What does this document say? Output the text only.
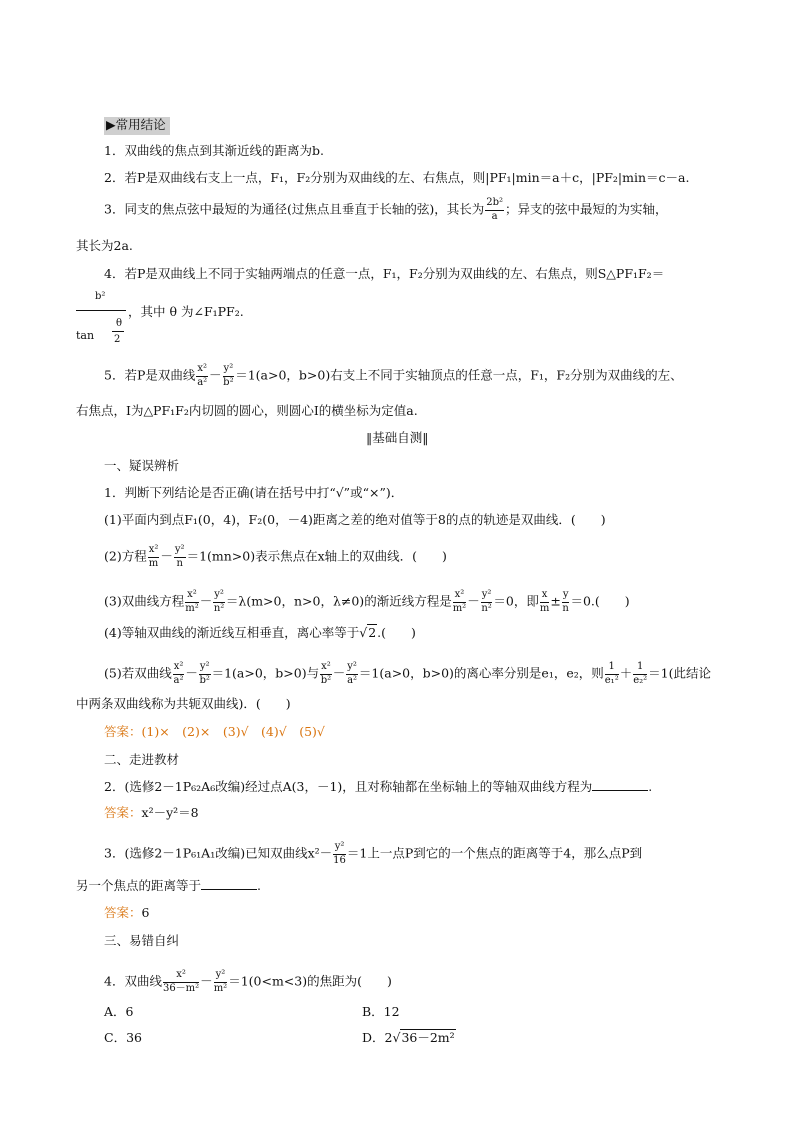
▶常用结论
1．双曲线的焦点到其渐近线的距离为b.
2．若P是双曲线右支上一点，F₁，F₂分别为双曲线的左、右焦点，则|PF₁|min＝a＋c，|PF₂|min＝c－a.
3．同支的焦点弦中最短的为通径(过焦点且垂直于长轴的弦)，其长为 $\frac{\text{2b²}}{a}$ ；异支的弦中最短的为实轴，
其长为2a.
4．若P是双曲线上不同于实轴两端点的任意一点，F₁，F₂分别为双曲线的左、右焦点，则S△PF₁F₂＝
b²
tan
θ
2
，其中 θ 为∠F₁PF₂.
5．若P是双曲线 $\frac{\text{x²}}{\text{a²}} - \frac{\text{y²}}{\text{b²}} =1(a>0$，b>0)右支上不同于实轴顶点的任意一点，F₁，F₂分别为双曲线的左、
右焦点，I为△PF₁F₂内切圆的圆心，则圆心I的横坐标为定值a.
‖基础自测‖
一、疑误辨析
1．判断下列结论是否正确(请在括号中打“√”或“×”)．
(1)平面内到点F₁(0，4)，F₂(0，－4)距离之差的绝对值等于8的点的轨迹是双曲线．(　　)
(2)方程 $\frac{\text{x²}}{m} - \frac{\text{y²}}{n} =1(mn>0)$表示焦点在x轴上的双曲线．(　　)
(3)双曲线方程 $\frac{\text{x²}}{\text{m²}} - \frac{\text{y²}}{\text{n²}} =\lambda(m>0$，n>0，λ≠0)的渐近线方程是 $\frac{\text{x²}}{\text{m²}} - \frac{\text{y²}}{\text{n²}} =0$，即 $\frac{x}{m} \pm \frac{y}{n} =0$.(　　)
(4)等轴双曲线的渐近线互相垂直，离心率等于√2.(　　)
(5)若双曲线 $\frac{\text{x²}}{\text{a²}} - \frac{\text{y²}}{\text{b²}} =1(a>0$，b>0)与 $\frac{\text{x²}}{\text{b²}} - \frac{\text{y²}}{\text{a²}} =1(a>0$，b>0)的离心率分别是e₁，e₂，则 $\frac{1}{\text{e₁²}} + \frac{1}{\text{e₂²}} =1$(此结论
中两条双曲线称为共轭双曲线)．(　　)
答案：(1)×　(2)×　(3)√　(4)√　(5)√
二、走进教材
2．(选修2－1P₆₂A₆改编)经过点A(3，－1)，且对称轴都在坐标轴上的等轴双曲线方程为	.
答案：x²－y²＝8
3．(选修2－1P₆₁A₁改编)已知双曲线$x^2- \frac{\text{y²}}{16} =1$上一点P到它的一个焦点的距离等于4，那么点P到
另一个焦点的距离等于	.
答案：6
三、易错自纠
4．双曲线 $\frac{\text{x²}}{\text{36－m²}} - \frac{\text{y²}}{\text{m²}} =1(0<m<3)$的焦距为(　　)
A．6	B．12
C．36	D．2√36－2m²
